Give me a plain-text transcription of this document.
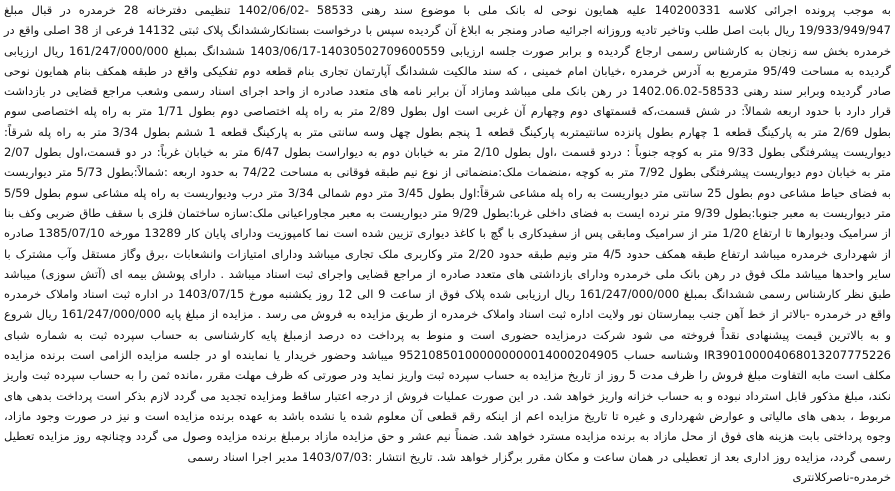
به موجب پرونده اجرائی کلاسه 140200331 علیه همایون نوحی له بانک ملی با موضوع سند رهنی 58533 -1402/06/02 تنظیمی دفترخانه 28 خرمدره در قبال مبلغ 19/933/949/947 ریال بابت اصل طلب وتاخیر تادیه وروزانه اجرائیه صادر ومنجر به ابلاغ آن گردیده سپس با درخواست بستانکارششدانگ پلاک ثبتی 14132 فرعی از 38 اصلی واقع در خرمدره بخش سه زنجان به کارشناس رسمی ارجاع گردیده و برابر صورت جلسه ارزیابی 14030502709600559-1403/06/17 ششدانگ بمبلغ 161/247/000/000 ریال ارزیابی گردیده به مساحت 95/49 مترمربع به آدرس خرمدره ،خیابان امام خمینی ، که سند مالکیت ششدانگ آپارتمان تجاری بنام قطعه دوم تفکیکی واقع در طبقه همکف بنام همایون نوحی صادر گردیده وبرابر سند رهنی 58533-1402.06.02 در رهن بانک ملی میباشد ومازاد آن برابر نامه های متعدد صادره از واحد اجرای اسناد رسمی وشعب مراجع قضایی در بازداشت قرار دارد با حدود اربعه شمالاً: در شش قسمت،که قسمتهای دوم وچهارم آن غربی است اول بطول 2/89 متر به راه پله اختصاصی دوم بطول 1/71 متر به راه پله اختصاصی سوم بطول 2/69 متر به پارکینگ قطعه 1 چهارم بطول پانزده سانتیمتربه پارکینگ قطعه 1 پنجم بطول چهل وسه سانتی متر به پارکینگ قطعه 1 ششم بطول 3/34 متر به راه پله شرقاً: دیواریست پیشرفتگی بطول 9/33 متر به کوچه جنوباً : دردو قسمت ،اول بطول 2/10 متر به خیابان دوم به دیواراست بطول 6/47 متر به خیابان غرباً: در دو قسمت،اول بطول 2/07 متر به خیابان دوم دیواریست پیشرفتگی بطول 7/92 متر به کوچه ،منضمات ملک:منضماتی از نوع نیم طبقه فوقانی به مساحت 74/22 به حدود اربعه :شمالاً:بطول 5/73 متر دیواریست به فضای حیاط مشاعی دوم بطول 25 سانتی متر دیواریست به راه پله مشاعی شرقاً:اول بطول 3/45 متر دوم شمالی 3/34 متر درب ودیواریست به راه پله مشاعی سوم بطول 5/59 متر دیواریست به معبر جنوبا:بطول 9/39 متر نرده ایست به فضای داخلی غربا:بطول 9/29 متر دیواریست به معبر مجاوراعیانی ملک:سازه ساختمان فلزی با سقف طاق ضربی وکف بنا از سرامیک ودیوارها تا ارتفاع 1/20 متر از سرامیک ومابقی پس از سفیدکاری با گچ با کاغذ دیواری تزیین شده است نما کامپوزیت ودارای پایان کار 13289 مورخه 1385/07/10 صادره از شهرداری خرمدره میباشد ارتفاع طبقه همکف حدود 4/5 متر ونیم طبقه حدود 2/20 متر وکاربری ملک تجاری میباشد ودارای امتیازات وانشعابات ،برق وگاز مستقل وآب مشترک با سایر واحدها میباشد ملک فوق در رهن بانک ملی خرمدره ودارای بازداشتی های متعدد صادره از مراجع قضایی واجرای ثبت اسناد میباشد . دارای پوشش بیمه ای (آتش سوزی) میباشد طبق نظر کارشناس رسمی ششدانگ بمبلغ 161/247/000/000 ریال ارزیابی شده پلاک فوق از ساعت 9 الی 12 روز یکشنبه مورخ 1403/07/15 در اداره ثبت اسناد واملاک خرمدره واقع در خرمدره -بالاتر از خط آهن جنب بیمارستان نور ولایت اداره ثبت اسناد واملاک خرمدره از طریق مزایده به فروش می رسد . مزایده از مبلغ پایه 161/247/000/000 ریال شروع و به بالاترین قیمت پیشنهادی نقداً فروخته می شود شرکت درمزایده حضوری است و منوط به پرداخت ده درصد ازمبلغ پایه کارشناسی به حساب سپرده ثبت به شماره شبای IR390100004068013207775226 وشناسه حساب 952108501000000000014000204905 میباشد وحضور خریدار یا نماینده او در جلسه مزایده الزامی است برنده مزایده مکلف است مابه التفاوت مبلغ فروش را ظرف مدت 5 روز از تاریخ مزایده به حساب سپرده ثبت واریز نماید ودر صورتی که ظرف مهلت مقرر ،مانده ثمن را به حساب سپرده ثبت واریز نکند، مبلغ مذکور قابل استرداد نبوده و به حساب خزانه واریز خواهد شد. در این صورت عملیات فروش از درجه اعتبار ساقط ومزایده تجدید می گردد لازم بذکر است پرداخت بدهی های مربوط ، بدهی های مالیاتی و عوارض شهرداری و غیره تا تاریخ مزایده اعم از اینکه رقم قطعی آن معلوم شده یا نشده باشد به عهده برنده مزایده است و نیز در صورت وجود مازاد، وجوه پرداختی بابت هزینه های فوق از محل مازاد به برنده مزایده مسترد خواهد شد. ضمناً نیم عشر و حق مزایده مازاد برمبلغ برنده مزایده وصول می گردد وچنانچه روز مزایده تعطیل رسمی گردد، مزایده روز اداری بعد از تعطیلی در همان ساعت و مکان مقرر برگزار خواهد شد. تاریخ انتشار :1403/07/03 مدیر اجرا اسناد رسمی

خرمدره-ناصرکلانتری
